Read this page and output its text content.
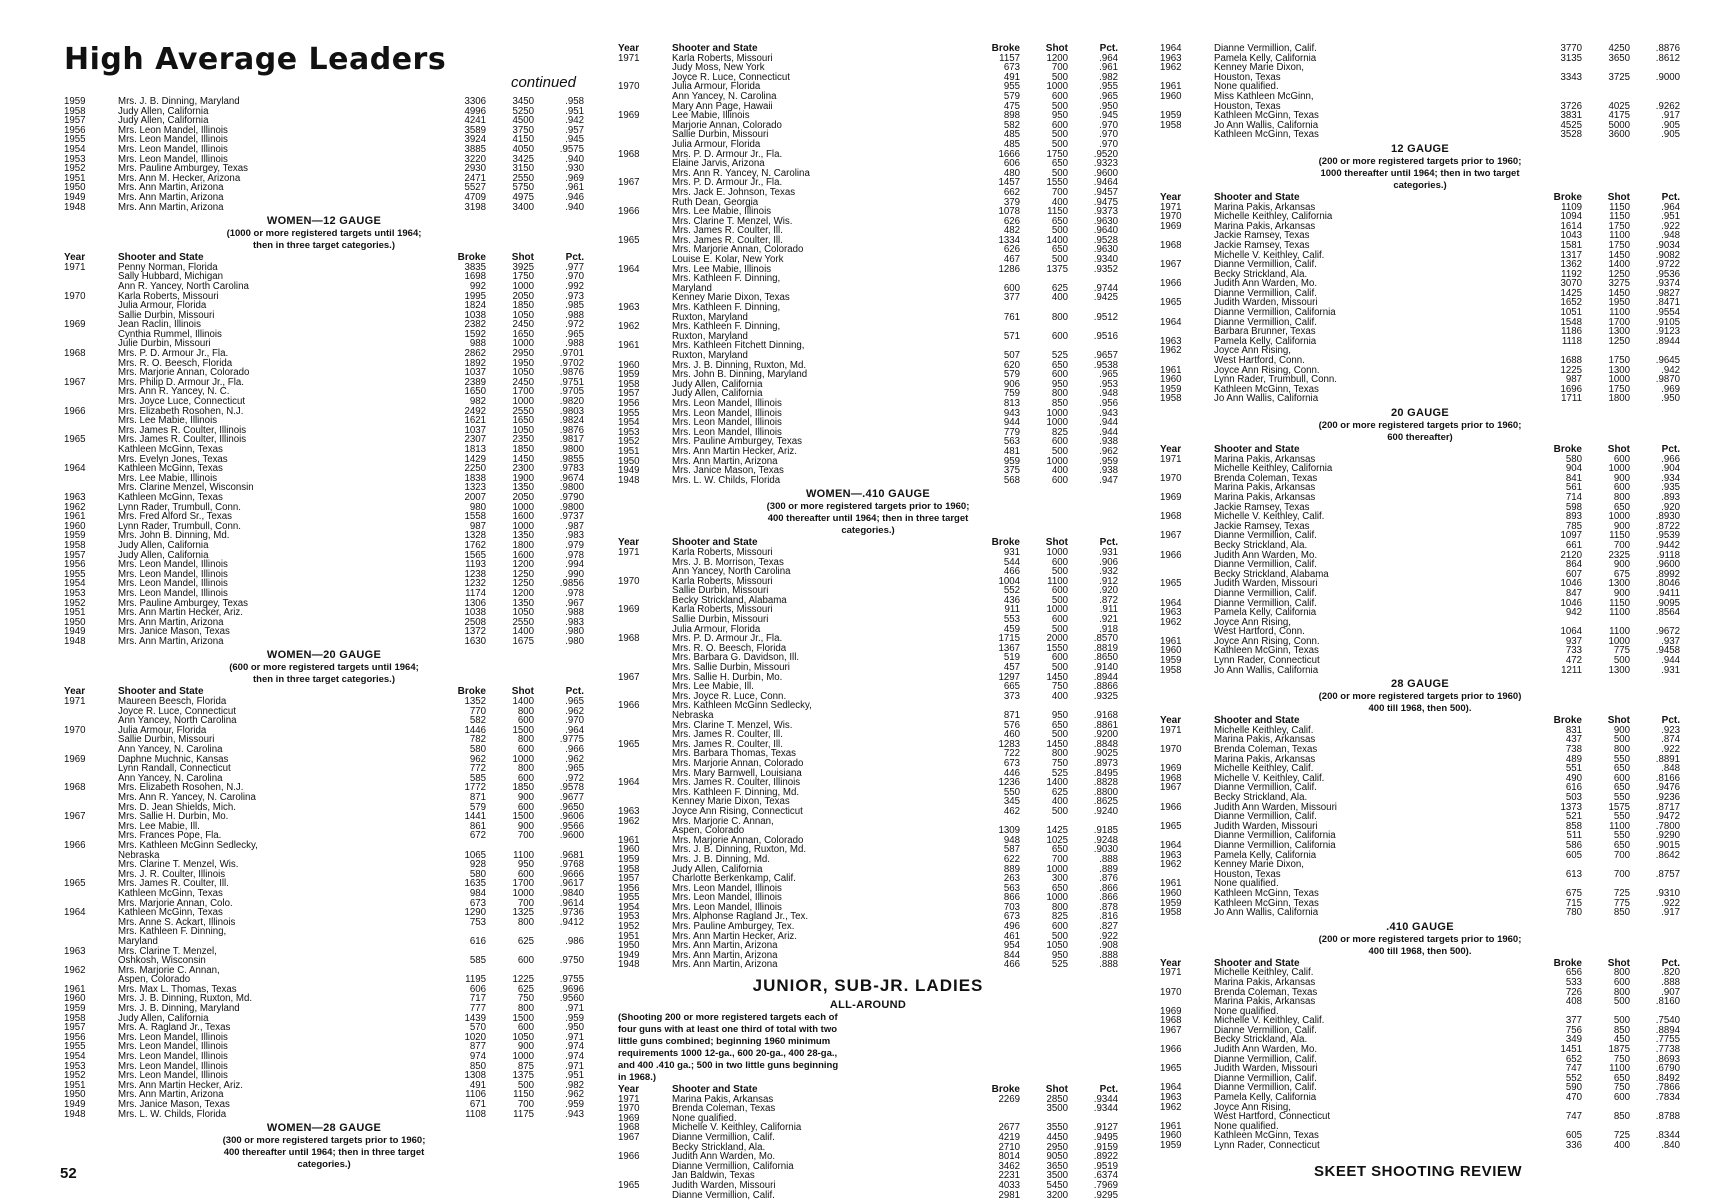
High Average Leaders
continued

1959	Mrs. J. B. Dinning, Maryland	3306	3450	.958
1958	Judy Allen, California	4996	5250	.951
1957	Judy Allen, California	4241	4500	.942
1956	Mrs. Leon Mandel, Illinois	3589	3750	.957
1955	Mrs. Leon Mandel, Illinois	3924	4150	.945
1954	Mrs. Leon Mandel, Illinois	3885	4050	.9575
1953	Mrs. Leon Mandel, Illinois	3220	3425	.940
1952	Mrs. Pauline Amburgey, Texas	2930	3150	.930
1951	Mrs. Ann M. Hecker, Arizona	2471	2550	.969
1950	Mrs. Ann Martin, Arizona	5527	5750	.961
1949	Mrs. Ann Martin, Arizona	4709	4975	.946
1948	Mrs. Ann Martin, Arizona	3198	3400	.940
WOMEN—12 GAUGE
(1000 or more registered targets until 1964;
then in three target categories.)
Year	Shooter and State	Broke	Shot	Pct.
1971	Penny Norman, Florida	3835	3925	.977
	Sally Hubbard, Michigan	1698	1750	.970
	Ann R. Yancey, North Carolina	992	1000	.992
1970	Karla Roberts, Missouri	1995	2050	.973
	Julia Armour, Florida	1824	1850	.985
	Sallie Durbin, Missouri	1038	1050	.988
1969	Jean Raclin, Illinois	2382	2450	.972
	Cynthia Rummel, Illinois	1592	1650	.965
	Julie Durbin, Missouri	988	1000	.988
1968	Mrs. P. D. Armour Jr., Fla.	2862	2950	.9701
	Mrs. R. O. Beesch, Florida	1892	1950	.9702
	Mrs. Marjorie Annan, Colorado	1037	1050	.9876
1967	Mrs. Philip D. Armour Jr., Fla.	2389	2450	.9751
	Mrs. Ann R. Yancey, N. C.	1650	1700	.9705
	Mrs. Joyce Luce, Connecticut	982	1000	.9820
1966	Mrs. Elizabeth Rosohen, N.J.	2492	2550	.9803
	Mrs. Lee Mabie, Illinois	1621	1650	.9824
	Mrs. James R. Coulter, Illinois	1037	1050	.9876
1965	Mrs. James R. Coulter, Illinois	2307	2350	.9817
	Kathleen McGinn, Texas	1813	1850	.9800
	Mrs. Evelyn Jones, Texas	1429	1450	.9855
1964	Kathleen McGinn, Texas	2250	2300	.9783
	Mrs. Lee Mabie, Illinois	1838	1900	.9674
	Mrs. Clarine Menzel, Wisconsin	1323	1350	.9800
1963	Kathleen McGinn, Texas	2007	2050	.9790
1962	Lynn Rader, Trumbull, Conn.	980	1000	.9800
1961	Mrs. Fred Alford Sr., Texas	1558	1600	.9737
1960	Lynn Rader, Trumbull, Conn.	987	1000	.987
1959	Mrs. John B. Dinning, Md.	1328	1350	.983
1958	Judy Allen, California	1762	1800	.979
1957	Judy Allen, California	1565	1600	.978
1956	Mrs. Leon Mandel, Illinois	1193	1200	.994
1955	Mrs. Leon Mandel, Illinois	1238	1250	.990
1954	Mrs. Leon Mandel, Illinois	1232	1250	.9856
1953	Mrs. Leon Mandel, Illinois	1174	1200	.978
1952	Mrs. Pauline Amburgey, Texas	1306	1350	.967
1951	Mrs. Ann Martin Hecker, Ariz.	1038	1050	.988
1950	Mrs. Ann Martin, Arizona	2508	2550	.983
1949	Mrs. Janice Mason, Texas	1372	1400	.980
1948	Mrs. Ann Martin, Arizona	1630	1675	.980
WOMEN—20 GAUGE
(600 or more registered targets until 1964;
then in three target categories.)
Year	Shooter and State	Broke	Shot	Pct.
1971	Maureen Beesch, Florida	1352	1400	.965
	Joyce R. Luce, Connecticut	770	800	.962
	Ann Yancey, North Carolina	582	600	.970
1970	Julia Armour, Florida	1446	1500	.964
	Sallie Durbin, Missouri	782	800	.9775
	Ann Yancey, N. Carolina	580	600	.966
1969	Daphne Muchnic, Kansas	962	1000	.962
	Lynn Randall, Connecticut	772	800	.965
	Ann Yancey, N. Carolina	585	600	.972
1968	Mrs. Elizabeth Rosohen, N.J.	1772	1850	.9578
	Mrs. Ann R. Yancey, N. Carolina	871	900	.9677
	Mrs. D. Jean Shields, Mich.	579	600	.9650
1967	Mrs. Sallie H. Durbin, Mo.	1441	1500	.9606
	Mrs. Lee Mabie, Ill.	861	900	.9566
	Mrs. Frances Pope, Fla.	672	700	.9600
1966	Mrs. Kathleen McGinn Sedlecky,			
	Nebraska	1065	1100	.9681
	Mrs. Clarine T. Menzel, Wis.	928	950	.9768
	Mrs. J. R. Coulter, Illinois	580	600	.9666
1965	Mrs. James R. Coulter, Ill.	1635	1700	.9617
	Kathleen McGinn, Texas	984	1000	.9840
	Mrs. Marjorie Annan, Colo.	673	700	.9614
1964	Kathleen McGinn, Texas	1290	1325	.9736
	Mrs. Anne S. Ackart, Illinois	753	800	.9412
	Mrs. Kathleen F. Dinning,			
	Maryland	616	625	.986
1963	Mrs. Clarine T. Menzel,			
	Oshkosh, Wisconsin	585	600	.9750
1962	Mrs. Marjorie C. Annan,			
	Aspen, Colorado	1195	1225	.9755
1961	Mrs. Max L. Thomas, Texas	606	625	.9696
1960	Mrs. J. B. Dinning, Ruxton, Md.	717	750	.9560
1959	Mrs. J. B. Dinning, Maryland	777	800	.971
1958	Judy Allen, California	1439	1500	.959
1957	Mrs. A. Ragland Jr., Texas	570	600	.950
1956	Mrs. Leon Mandel, Illinois	1020	1050	.971
1955	Mrs. Leon Mandel, Illinois	877	900	.974
1954	Mrs. Leon Mandel, Illinois	974	1000	.974
1953	Mrs. Leon Mandel, Illinois	850	875	.971
1952	Mrs. Leon Mandel, Illinois	1308	1375	.951
1951	Mrs. Ann Martin Hecker, Ariz.	491	500	.982
1950	Mrs. Ann Martin, Arizona	1106	1150	.962
1949	Mrs. Janice Mason, Texas	671	700	.959
1948	Mrs. L. W. Childs, Florida	1108	1175	.943
WOMEN—28 GAUGE
(300 or more registered targets prior to 1960;
400 thereafter until 1964; then in three target
categories.)
Year	Shooter and State	Broke	Shot	Pct.
1971	Karla Roberts, Missouri	1157	1200	.964
	Judy Moss, New York	673	700	.961
	Joyce R. Luce, Connecticut	491	500	.982
1970	Julia Armour, Florida	955	1000	.955
	Ann Yancey, N. Carolina	579	600	.965
	Mary Ann Page, Hawaii	475	500	.950
1969	Lee Mabie, Illinois	898	950	.945
	Marjorie Annan, Colorado	582	600	.970
	Sallie Durbin, Missouri	485	500	.970
	Julia Armour, Florida	485	500	.970
1968	Mrs. P. D. Armour Jr., Fla.	1666	1750	.9520
	Elaine Jarvis, Arizona	606	650	.9323
	Mrs. Ann R. Yancey, N. Carolina	480	500	.9600
1967	Mrs. P. D. Armour Jr., Fla.	1457	1550	.9464
	Mrs. Jack E. Johnson, Texas	662	700	.9457
	Ruth Dean, Georgia	379	400	.9475
1966	Mrs. Lee Mabie, Illinois	1078	1150	.9373
	Mrs. Clarine T. Menzel, Wis.	626	650	.9630
	Mrs. James R. Coulter, Ill.	482	500	.9640
1965	Mrs. James R. Coulter, Ill.	1334	1400	.9528
	Mrs. Marjorie Annan, Colorado	626	650	.9630
	Louise E. Kolar, New York	467	500	.9340
1964	Mrs. Lee Mabie, Illinois	1286	1375	.9352
	Mrs. Kathleen F. Dinning,			
	Maryland	600	625	.9744
	Kenney Marie Dixon, Texas	377	400	.9425
1963	Mrs. Kathleen F. Dinning,			
	Ruxton, Maryland	761	800	.9512
1962	Mrs. Kathleen F. Dinning,			
	Ruxton, Maryland	571	600	.9516
1961	Mrs. Kathleen Fitchett Dinning,			
	Ruxton, Maryland	507	525	.9657
1960	Mrs. J. B. Dinning, Ruxton, Md.	620	650	.9538
1959	Mrs. John B. Dinning, Maryland	579	600	.965
1958	Judy Allen, California	906	950	.953
1957	Judy Allen, California	759	800	.948
1956	Mrs. Leon Mandel, Illinois	813	850	.956
1955	Mrs. Leon Mandel, Illinois	943	1000	.943
1954	Mrs. Leon Mandel, Illinois	944	1000	.944
1953	Mrs. Leon Mandel, Illinois	779	825	.944
1952	Mrs. Pauline Amburgey, Texas	563	600	.938
1951	Mrs. Ann Martin Hecker, Ariz.	481	500	.962
1950	Mrs. Ann Martin, Arizona	959	1000	.959
1949	Mrs. Janice Mason, Texas	375	400	.938
1948	Mrs. L. W. Childs, Florida	568	600	.947
WOMEN—.410 GAUGE
(300 or more registered targets prior to 1960;
400 thereafter until 1964; then in three target
categories.)
Year	Shooter and State	Broke	Shot	Pct.
1971	Karla Roberts, Missouri	931	1000	.931
	Mrs. J. B. Morrison, Texas	544	600	.906
	Ann Yancey, North Carolina	466	500	.932
1970	Karla Roberts, Missouri	1004	1100	.912
	Sallie Durbin, Missouri	552	600	.920
	Becky Strickland, Alabama	436	500	.872
1969	Karla Roberts, Missouri	911	1000	.911
	Sallie Durbin, Missouri	553	600	.921
	Julia Armour, Florida	459	500	.918
1968	Mrs. P. D. Armour Jr., Fla.	1715	2000	.8570
	Mrs. R. O. Beesch, Florida	1367	1550	.8819
	Mrs. Barbara G. Davidson, Ill.	519	600	.8650
	Mrs. Sallie Durbin, Missouri	457	500	.9140
1967	Mrs. Sallie H. Durbin, Mo.	1297	1450	.8944
	Mrs. Lee Mabie, Ill.	665	750	.8866
	Mrs. Joyce R. Luce, Conn.	373	400	.9325
1966	Mrs. Kathleen McGinn Sedlecky,			
	Nebraska	871	950	.9168
	Mrs. Clarine T. Menzel, Wis.	576	650	.8861
	Mrs. James R. Coulter, Ill.	460	500	.9200
1965	Mrs. James R. Coulter, Ill.	1283	1450	.8848
	Mrs. Barbara Thomas, Texas	722	800	.9025
	Mrs. Marjorie Annan, Colorado	673	750	.8973
	Mrs. Mary Barnwell, Louisiana	446	525	.8495
1964	Mrs. James R. Coulter, Illinois	1236	1400	.8828
	Mrs. Kathleen F. Dinning, Md.	550	625	.8800
	Kenney Marie Dixon, Texas	345	400	.8625
1963	Joyce Ann Rising, Connecticut	462	500	.9240
1962	Mrs. Marjorie C. Annan,			
	Aspen, Colorado	1309	1425	.9185
1961	Mrs. Marjorie Annan, Colorado	948	1025	.9248
1960	Mrs. J. B. Dinning, Ruxton, Md.	587	650	.9030
1959	Mrs. J. B. Dinning, Md.	622	700	.888
1958	Judy Allen, California	889	1000	.889
1957	Charlotte Berkenkamp, Calif.	263	300	.876
1956	Mrs. Leon Mandel, Illinois	563	650	.866
1955	Mrs. Leon Mandel, Illinois	866	1000	.866
1954	Mrs. Leon Mandel, Illinois	703	800	.878
1953	Mrs. Alphonse Ragland Jr., Tex.	673	825	.816
1952	Mrs. Pauline Amburgey, Tex.	496	600	.827
1951	Mrs. Ann Martin Hecker, Ariz.	461	500	.922
1950	Mrs. Ann Martin, Arizona	954	1050	.908
1949	Mrs. Ann Martin, Arizona	844	950	.888
1948	Mrs. Ann Martin, Arizona	466	525	.888
JUNIOR, SUB-JR. LADIES
ALL-AROUND
(Shooting 200 or more registered targets each of
four guns with at least one third of total with two
little guns combined; beginning 1960 minimum
requirements 1000 12-ga., 600 20-ga., 400 28-ga.,
and 400 .410 ga.; 500 in two little guns beginning
in 1968.)
Year	Shooter and State	Broke	Shot	Pct.
1971	Marina Pakis, Arkansas	2269	2850	.9344
1970	Brenda Coleman, Texas		3500	.9344
1969	None qualified.			
1968	Michelle V. Keithley, California	2677	3550	.9127
1967	Dianne Vermillion, Calif.	4219	4450	.9495
	Becky Strickland, Ala.	2710	2950	.9159
1966	Judith Ann Warden, Mo.	8014	9050	.8922
	Dianne Vermillion, California	3462	3650	.9519
	Jan Baldwin, Texas	2231	3500	.6374
1965	Judith Warden, Missouri	4033	5450	.7969
	Dianne Vermillion, Calif.	2981	3200	.9295
1964	Dianne Vermillion, Calif.	3770	4250	.8876
1963	Pamela Kelly, California	3135	3650	.8612
1962	Kenney Marie Dixon,			
	Houston, Texas	3343	3725	.9000
1961	None qualified.			
1960	Miss Kathleen McGinn,			
	Houston, Texas	3726	4025	.9262
1959	Kathleen McGinn, Texas	3831	4175	.917
1958	Jo Ann Wallis, California	4525	5000	.905
	Kathleen McGinn, Texas	3528	3600	.905
12 GAUGE
(200 or more registered targets prior to 1960;
1000 thereafter until 1964; then in two target
categories.)
Year	Shooter and State	Broke	Shot	Pct.
1971	Marina Pakis, Arkansas	1109	1150	.964
1970	Michelle Keithley, California	1094	1150	.951
1969	Marina Pakis, Arkansas	1614	1750	.922
	Jackie Ramsey, Texas	1043	1100	.948
1968	Jackie Ramsey, Texas	1581	1750	.9034
	Michelle V. Keithley, Calif.	1317	1450	.9082
1967	Dianne Vermillion, Calif.	1362	1400	.9722
	Becky Strickland, Ala.	1192	1250	.9536
1966	Judith Ann Warden, Mo.	3070	3275	.9374
	Dianne Vermillion, Calif.	1425	1450	.9827
1965	Judith Warden, Missouri	1652	1950	.8471
	Dianne Vermillion, California	1051	1100	.9554
1964	Dianne Vermillion, Calif.	1548	1700	.9105
	Barbara Brunner, Texas	1186	1300	.9123
1963	Pamela Kelly, California	1118	1250	.8944
1962	Joyce Ann Rising,			
	West Hartford, Conn.	1688	1750	.9645
1961	Joyce Ann Rising, Conn.	1225	1300	.942
1960	Lynn Rader, Trumbull, Conn.	987	1000	.9870
1959	Kathleen McGinn, Texas	1696	1750	.969
1958	Jo Ann Wallis, California	1711	1800	.950
20 GAUGE
(200 or more registered targets prior to 1960;
600 thereafter)
Year	Shooter and State	Broke	Shot	Pct.
1971	Marina Pakis, Arkansas	580	600	.966
	Michelle Keithley, California	904	1000	.904
1970	Brenda Coleman, Texas	841	900	.934
	Marina Pakis, Arkansas	561	600	.935
1969	Marina Pakis, Arkansas	714	800	.893
	Jackie Ramsey, Texas	598	650	.920
1968	Michelle V. Keithley, Calif.	893	1000	.8930
	Jackie Ramsey, Texas	785	900	.8722
1967	Dianne Vermillion, Calif.	1097	1150	.9539
	Becky Strickland, Ala.	661	700	.9442
1966	Judith Ann Warden, Mo.	2120	2325	.9118
	Dianne Vermillion, Calif.	864	900	.9600
	Becky Strickland, Alabama	607	675	.8992
1965	Judith Warden, Missouri	1046	1300	.8046
	Dianne Vermillion, Calif.	847	900	.9411
1964	Dianne Vermillion, Calif.	1046	1150	.9095
1963	Pamela Kelly, California	942	1100	.8564
1962	Joyce Ann Rising,			
	West Hartford, Conn.	1064	1100	.9672
1961	Joyce Ann Rising, Conn.	937	1000	.937
1960	Kathleen McGinn, Texas	733	775	.9458
1959	Lynn Rader, Connecticut	472	500	.944
1958	Jo Ann Wallis, California	1211	1300	.931
28 GAUGE
(200 or more registered targets prior to 1960)
400 till 1968, then 500).
Year	Shooter and State	Broke	Shot	Pct.
1971	Michelle Keithley, Calif.	831	900	.923
	Marina Pakis, Arkansas	437	500	.874
1970	Brenda Coleman, Texas	738	800	.922
	Marina Pakis, Arkansas	489	550	.8891
1969	Michelle Keithley, Calif.	551	650	.848
1968	Michelle V. Keithley, Calif.	490	600	.8166
1967	Dianne Vermillion, Calif.	616	650	.9476
	Becky Strickland, Ala.	503	550	.9236
1966	Judith Ann Warden, Missouri	1373	1575	.8717
	Dianne Vermillion, Calif.	521	550	.9472
1965	Judith Warden, Missouri	858	1100	.7800
	Dianne Vermillion, California	511	550	.9290
1964	Dianne Vermillion, California	586	650	.9015
1963	Pamela Kelly, California	605	700	.8642
1962	Kenney Marie Dixon,			
	Houston, Texas	613	700	.8757
1961	None qualified.			
1960	Kathleen McGinn, Texas	675	725	.9310
1959	Kathleen McGinn, Texas	715	775	.922
1958	Jo Ann Wallis, California	780	850	.917
.410 GAUGE
(200 or more registered targets prior to 1960;
400 till 1968, then 500).
Year	Shooter and State	Broke	Shot	Pct.
1971	Michelle Keithley, Calif.	656	800	.820
	Marina Pakis, Arkansas	533	600	.888
1970	Brenda Coleman, Texas	726	800	.907
	Marina Pakis, Arkansas	408	500	.8160
1969	None qualified.			
1968	Michelle V. Keithley, Calif.	377	500	.7540
1967	Dianne Vermillion, Calif.	756	850	.8894
	Becky Strickland, Ala.	349	450	.7755
1966	Judith Ann Warden, Mo.	1451	1875	.7738
	Dianne Vermillion, Calif.	652	750	.8693
1965	Judith Warden, Missouri	747	1100	.6790
	Dianne Vermillion, Calif.	552	650	.8492
1964	Dianne Vermillion, Calif.	590	750	.7866
1963	Pamela Kelly, California	470	600	.7834
1962	Joyce Ann Rising,			
	West Hartford, Connecticut	747	850	.8788
1961	None qualified.			
1960	Kathleen McGinn, Texas	605	725	.8344
1959	Lynn Rader, Connecticut	336	400	.840
52	SKEET SHOOTING REVIEW
